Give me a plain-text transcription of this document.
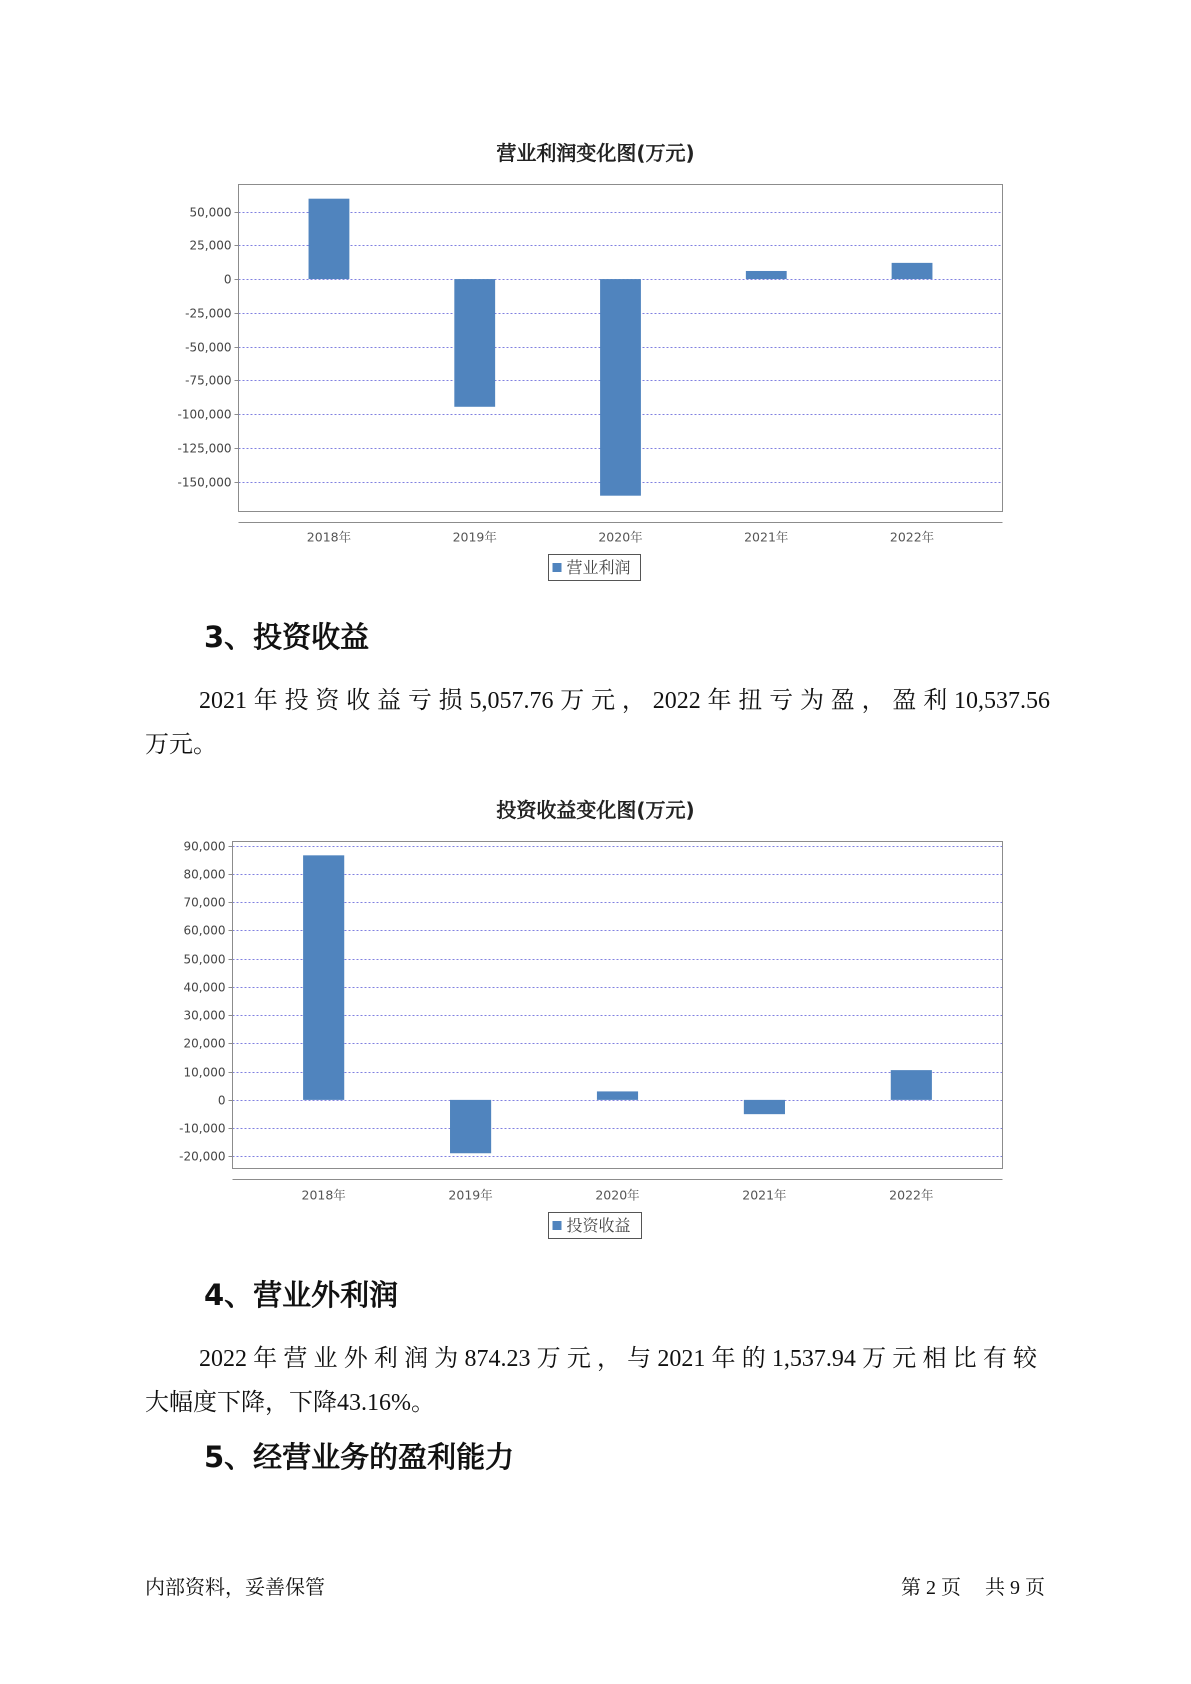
营业利润变化图(万元)
50,000
25,000
0
-25,000
-50,000
-75,000
-100,000
-125,000
-150,000
2018年	2019年	2020年	2021年	2022年
营业利润
3、投资收益
2021年投资收益亏损5,057.76万元，2022年扭亏为盈，盈利10,537.56
万元。
投资收益变化图(万元)
90,000
80,000
70,000
60,000
50,000
40,000
30,000
20,000
10,000
0
-10,000
-20,000
2018年	2019年	2020年	2021年	2022年
投资收益
4、营业外利润
2022年营业外利润为874.23万元，与2021年的1,537.94万元相比有较
大幅度下降，下降43.16%。
5、经营业务的盈利能力
内部资料，妥善保管	第 2 页 共 9 页
